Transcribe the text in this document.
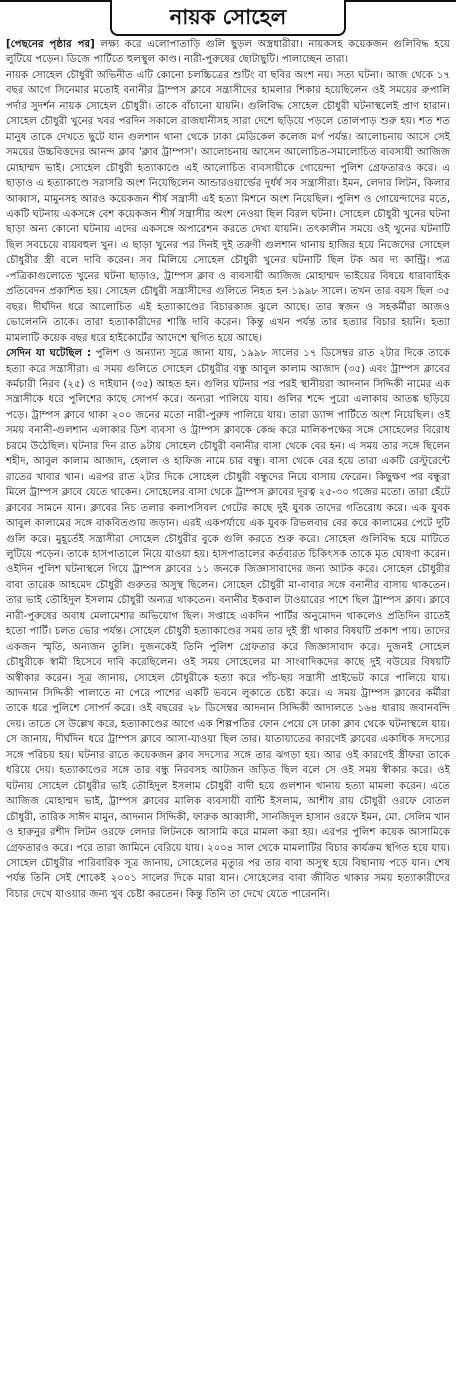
নায়ক সোহেল

[পেছনের পৃষ্ঠার পর] লক্ষ্য করে এলোপাতাড়ি গুলি ছুড়ল অস্ত্রধারীরা। নায়কসহ কয়েকজন গুলিবিদ্ধ হয়ে লুটিয়ে পড়েন। ডিজে পার্টিতে হুলস্থুল কাণ্ড। নারী-পুরুষের ছোটাছুটি। পালাচ্ছেন তারা।

নায়ক সোহেল চৌধুরী অভিনীত এটি কোনো চলচ্চিত্রের শুটিং বা ছবির অংশ নয়। সত্য ঘটনা। আজ থেকে ১৭ বছর আগে সিনেমার মতোই বনানীর ট্রাম্পস ক্লাবে সন্ত্রাসীদের হামলার শিকার হয়েছিলেন ওই সময়ের রুপালি পর্দার সুদর্শন নায়ক সোহেল চৌধুরী। তাকে বাঁচানো যায়নি। গুলিবিদ্ধ সোহেল চৌধুরী ঘটনাস্থলেই প্রাণ হারান। সোহেল চৌধুরী খুনের খবর পরদিন সকালে রাজধানীসহ সারা দেশে ছড়িয়ে পড়লে তোলপাড় শুরু হয়। শত শত মানুষ তাকে দেখতে ছুটে যান গুলশান থানা থেকে ঢাকা মেডিকেল কলেজ মর্গ পর্যন্ত। আলোচনায় আসে সেই সময়ের উচ্চবিত্তদের আনন্দ ক্লাব 'ক্লাব ট্রাম্পস'। আলোচনায় আসেন আলোচিত-সমালোচিত ব্যবসায়ী আজিজ মোহাম্মদ ভাই। সোহেল চৌধুরী হত্যাকাণ্ডে এই আলোচিত ব্যবসায়ীকে গোয়েন্দা পুলিশ গ্রেফতারও করে। এ ছাড়াও এ হত্যাকাণ্ডে সরাসরি অংশ নিয়েছিলেন আন্ডারওয়ার্ল্ডের দুর্ধর্ষ সব সন্ত্রাসীরা। ইমন, লেদার লিটন, কিলার আব্বাস, মামুনসহ আরও কয়েকজন শীর্ষ সন্ত্রাসী এই হত্যা মিশনে অংশ নিয়েছিল। পুলিশ ও গোয়েন্দাদের মতে, একটি ঘটনায় একসঙ্গে বেশ কয়েকজন শীর্ষ সন্ত্রাসীর অংশ নেওয়া ছিল বিরল ঘটনা। সোহেল চৌধুরী খুনের ঘটনা ছাড়া অন্য কোনো ঘটনায় এদের একসঙ্গে অপারেশন করতে দেখা যায়নি। তৎকালীন সময়ে ওই খুনের ঘটনাটি ছিল সবচেয়ে ব্যয়বহুল খুন। এ ছাড়া খুনের পর দিনই দুই তরুণী গুলশান থানায় হাজির হয়ে নিজেদের সোহেল চৌধুরীর স্ত্রী বলে দাবি করেন। সব মিলিয়ে সোহেল চৌধুরী খুনের ঘটনাটি ছিল টক অব দ্য কান্ট্রি। পত্র -পত্রিকাগুলোতে খুনের ঘটনা ছাড়াও, ট্রাম্পস ক্লাব ও ব্যবসায়ী আজিজ মোহাম্মদ ভাইয়ের বিষয়ে ধারাবাহিক প্রতিবেদন প্রকাশিত হয়। সোহেল চৌধুরী সন্ত্রাসীদের গুলিতে নিহত হন ১৯৯৮ সালে। তখন তার বয়স ছিল ৩৫ বছর। দীর্ঘদিন ধরে আলোচিত এই হত্যাকাণ্ডের বিচারকাজ ঝুলে আছে। তার স্বজন ও সহকর্মীরা আজও ভোলেননি তাকে। তারা হত্যাকারীদের শাস্তি দাবি করেন। কিন্তু এখন পর্যন্ত তার হত্যার বিচার হয়নি। হত্যা মামলাটি কয়েক বছর ধরে হাইকোর্টের আদেশে স্থগিত হয়ে আছে।

সেদিন যা ঘটেছিল : পুলিশ ও অন্যান্য সূত্রে জানা যায়, ১৯৯৮ সালের ১৭ ডিসেম্বর রাত ২টার দিকে তাকে হত্যা করে সন্ত্রাসীরা। এ সময় গুলিতে সোহেল চৌধুরীর বন্ধু আবুল কালাম আজাদ (৩৫) এবং ট্রাম্পস ক্লাবের কর্মচারী নিরব (২৫) ও দাইয়ান (৩৫) আহত হন। গুলির ঘটনার পর পরই স্থানীয়রা আদনান সিদ্দিকী নামের এক সন্ত্রাসীকে ধরে পুলিশের কাছে সোপর্দ করে। অন্যরা পালিয়ে যায়। গুলির শব্দে পুরো এলাকায় আতঙ্ক ছড়িয়ে পড়ে। ট্রাম্পস ক্লাবে থাকা ২০০ জনের মতো নারী-পুরুষ পালিয়ে যায়। তারা ড্যান্স পার্টিতে অংশ নিয়েছিল। ওই সময় বনানী-গুলশান এলাকার ডিশ ব্যবসা ও ট্রাম্পস ক্লাবকে কেন্দ্র করে মালিকপক্ষের সঙ্গে সোহেলের বিরোধ চরমে উঠেছিল। ঘটনার দিন রাত ৯টায় সোহেল চৌধুরী বনানীর বাসা থেকে বের হন। এ সময় তার সঙ্গে ছিলেন শহীদ, আবুল কালাম আজাদ, হেলাল ও হাফিজ নামে চার বন্ধু। বাসা থেকে বের হয়ে তারা একটি রেস্টুরেন্টে রাতের খাবার খান। এরপর রাত ২টার দিকে সোহেল চৌধুরী বন্ধুদের নিয়ে বাসায় ফেরেন। কিছুক্ষণ পর বন্ধুরা মিলে ট্রাম্পস ক্লাবে যেতে থাকেন। সোহেলের বাসা থেকে ট্রাম্পস ক্লাবের দূরত্ব ২৫-৩০ গজের মতো। তারা হেঁটে ক্লাবের সামনে যান। ক্লাবের নিচ তলার কলাপসিবল গেটের কাছে দুই যুবক তাদের গতিরোধ করে। এক যুবক আবুল কালামের সঙ্গে বাকবিতণ্ডায় জড়ান। এরই একপর্যায়ে এক যুবক রিভলবার বের করে কালামের পেটে দুটি গুলি করে। মুহূর্তেই সন্ত্রাসীরা সোহেল চৌধুরীর বুকে গুলি করতে শুরু করে। সোহেল গুলিবিদ্ধ হয়ে মাটিতে লুটিয়ে পড়েন। তাকে হাসপাতালে নিয়ে যাওয়া হয়। হাসপাতালের কর্তব্যরত চিকিৎসক তাকে মৃত ঘোষণা করেন। ওইদিন পুলিশ ঘটনাস্থলে গিয়ে ট্রাম্পস ক্লাবের ১১ জনকে জিজ্ঞাসাবাদের জন্য আটক করে। সোহেল চৌধুরীর বাবা তারেক আহমেদ চৌধুরী গুরুতর অসুস্থ ছিলেন। সোহেল চৌধুরী মা-বাবার সঙ্গে বনানীর বাসায় থাকতেন। তার ভাই তৌহিদুল ইসলাম চৌধুরী অন্যত্র থাকতেন। বনানীর ইকবাল টাওয়ারের পাশে ছিল ট্রাম্পস ক্লাব। ক্লাবে নারী-পুরুষের অবাধ মেলামেশার অভিযোগ ছিল। সপ্তাহে একদিন পার্টির অনুমোদন থাকলেও প্রতিদিন রাতেই হতো পার্টি। চলত ভোর পর্যন্ত। সোহেল চৌধুরী হত্যাকাণ্ডের সময় তার দুই স্ত্রী থাকার বিষয়টি প্রকাশ পায়। তাদের একজন স্মৃতি, অন্যজন তুলি। দুজনকেই তিনি পুলিশ গ্রেফতার করে জিজ্ঞাসাবাদ করে। দুজনই সোহেল চৌধুরীকে স্বামী হিসেবে দাবি করেছিলেন। ওই সময় সোহেলের মা সাংবাদিকদের কাছে দুই বউয়ের বিষয়টি অস্বীকার করেন। সূত্র জানায়, সোহেল চৌধুরীকে হত্যা করে পাঁচ-ছয় সন্ত্রাসী প্রাইভেট কারে পালিয়ে যায়। আদনান সিদ্দিকী পালাতে না পেরে পাশের একটি ভবনে লুকাতে চেষ্টা করে। এ সময় ট্রাম্পস ক্লাবের কর্মীরা তাকে ধরে পুলিশে সোপর্দ করে। ওই বছরের ২৮ ডিসেম্বর আদনান সিদ্দিকী আদালতে ১৬৪ ধারায় জবানবন্দি দেয়। তাতে সে উল্লেখ করে, হত্যাকাণ্ডের আগে এক শিল্পপতির ফোন পেয়ে সে ঢাকা ক্লাব থেকে ঘটনাস্থলে যায়। সে জানায়, দীর্ঘদিন ধরে ট্রাম্পস ক্লাবে আসা-যাওয়া ছিল তার। যাতায়াতের কারণেই ক্লাবের একাধিক সদস্যের সঙ্গে পরিচয় হয়। ঘটনার রাতে কয়েকজন ক্লাব সদস্যের সঙ্গে তার ঝগড়া হয়। আর ওই কারণেই স্ত্রীফরা তাকে ধরিয়ে দেয়। হত্যাকাণ্ডের সঙ্গে তার বন্ধু নিরবসহ আটজন জড়িত ছিল বলে সে ওই সময় স্বীকার করে। ওই ঘটনায় সোহেল চৌধুরীর ভাই তৌহিদুল ইসলাম চৌধুরী বাদী হয়ে গুলশান থানায় হত্যা মামলা করেন। এতে আজিজ মোহাম্মদ ভাই, ট্রাম্পস ক্লাবের মালিক ব্যবসায়ী বান্টি ইসলাম, আশীষ রায় চৌধুরী ওরফে বোতল চৌধুরী, তারিক সাঈদ মামুন, আদনান সিদ্দিকী, ফারুক আব্বাসী, সানজিদুল হাসান ওরফে ইমন, মো. সেলিম খান ও হারুনুর রশীদ লিটন ওরফে লেদার লিটনকে আসামি করে মামলা করা হয়। এরপর পুলিশ কয়েক আসামিকে গ্রেফতারও করে। পরে তারা জামিনে বেরিয়ে যায়। ২০০৪ সাল থেকে মামলাটির বিচার কার্যক্রম স্থগিত হয়ে যায়। সোহেল চৌধুরীর পারিবারিক সূত্র জানায়, সোহেলের মৃত্যুর পর তার বাবা অসুস্থ হয়ে বিছানায় পড়ে যান। শেষ পর্যন্ত তিনি সেই শোকেই ২০০১ সালের দিকে মারা যান। সোহেলের বাবা জীবিত থাকার সময় হত্যাকারীদের বিচার দেখে যাওয়ার জন্য খুব চেষ্টা করতেন। কিন্তু তিনি তা দেখে যেতে পারেননি।
